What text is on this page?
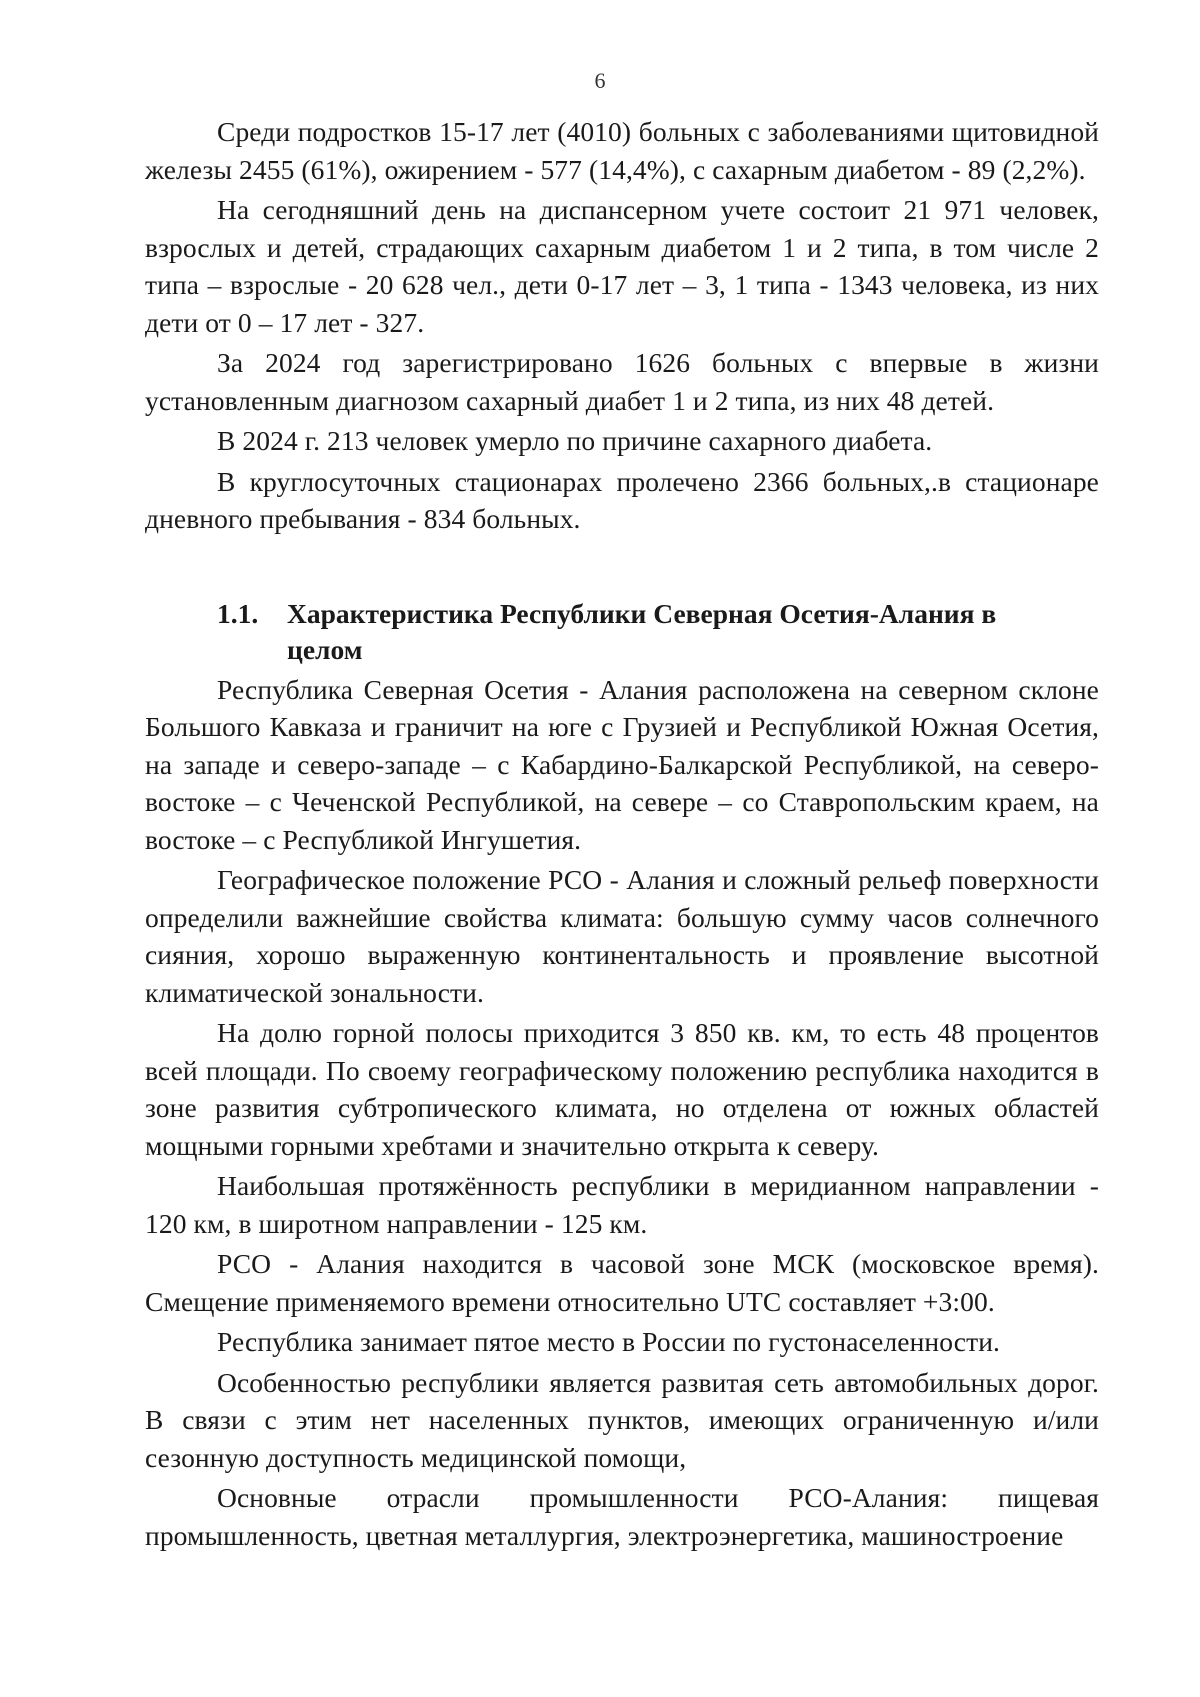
6

Среди подростков 15-17 лет (4010) больных с заболеваниями щитовидной железы 2455 (61%), ожирением - 577 (14,4%), с сахарным диабетом - 89 (2,2%).

На сегодняшний день на диспансерном учете состоит 21 971 человек, взрослых и детей, страдающих сахарным диабетом 1 и 2 типа, в том числе 2 типа – взрослые - 20 628 чел., дети 0-17 лет – 3, 1 типа - 1343 человека, из них дети от 0 – 17 лет - 327.

За 2024 год зарегистрировано 1626 больных с впервые в жизни установленным диагнозом сахарный диабет 1 и 2 типа, из них 48 детей.

В 2024 г. 213 человек умерло по причине сахарного диабета.

В круглосуточных стационарах пролечено 2366 больных,.в стационаре дневного пребывания - 834 больных.

1.1.	Характеристика Республики Северная Осетия-Алания в целом

Республика Северная Осетия - Алания расположена на северном склоне Большого Кавказа и граничит на юге с Грузией и Республикой Южная Осетия, на западе и северо-западе – с Кабардино-Балкарской Республикой, на северо-востоке – с Чеченской Республикой, на севере – со Ставропольским краем, на востоке – с Республикой Ингушетия.

Географическое положение РСО - Алания и сложный рельеф поверхности определили важнейшие свойства климата: большую сумму часов солнечного сияния, хорошо выраженную континентальность и проявление высотной климатической зональности.

На долю горной полосы приходится 3 850 кв. км, то есть 48 процентов всей площади. По своему географическому положению республика находится в зоне развития субтропического климата, но отделена от южных областей мощными горными хребтами и значительно открыта к северу.

Наибольшая протяжённость республики в меридианном направлении - 120 км, в широтном направлении - 125 км.

РСО - Алания находится в часовой зоне МСК (московское время). Смещение применяемого времени относительно UTC составляет +3:00.

Республика занимает пятое место в России по густонаселенности.

Особенностью республики является развитая сеть автомобильных дорог. В связи с этим нет населенных пунктов, имеющих ограниченную и/или сезонную доступность медицинской помощи,

Основные отрасли промышленности РСО-Алания: пищевая промышленность, цветная металлургия, электроэнергетика, машиностроение
